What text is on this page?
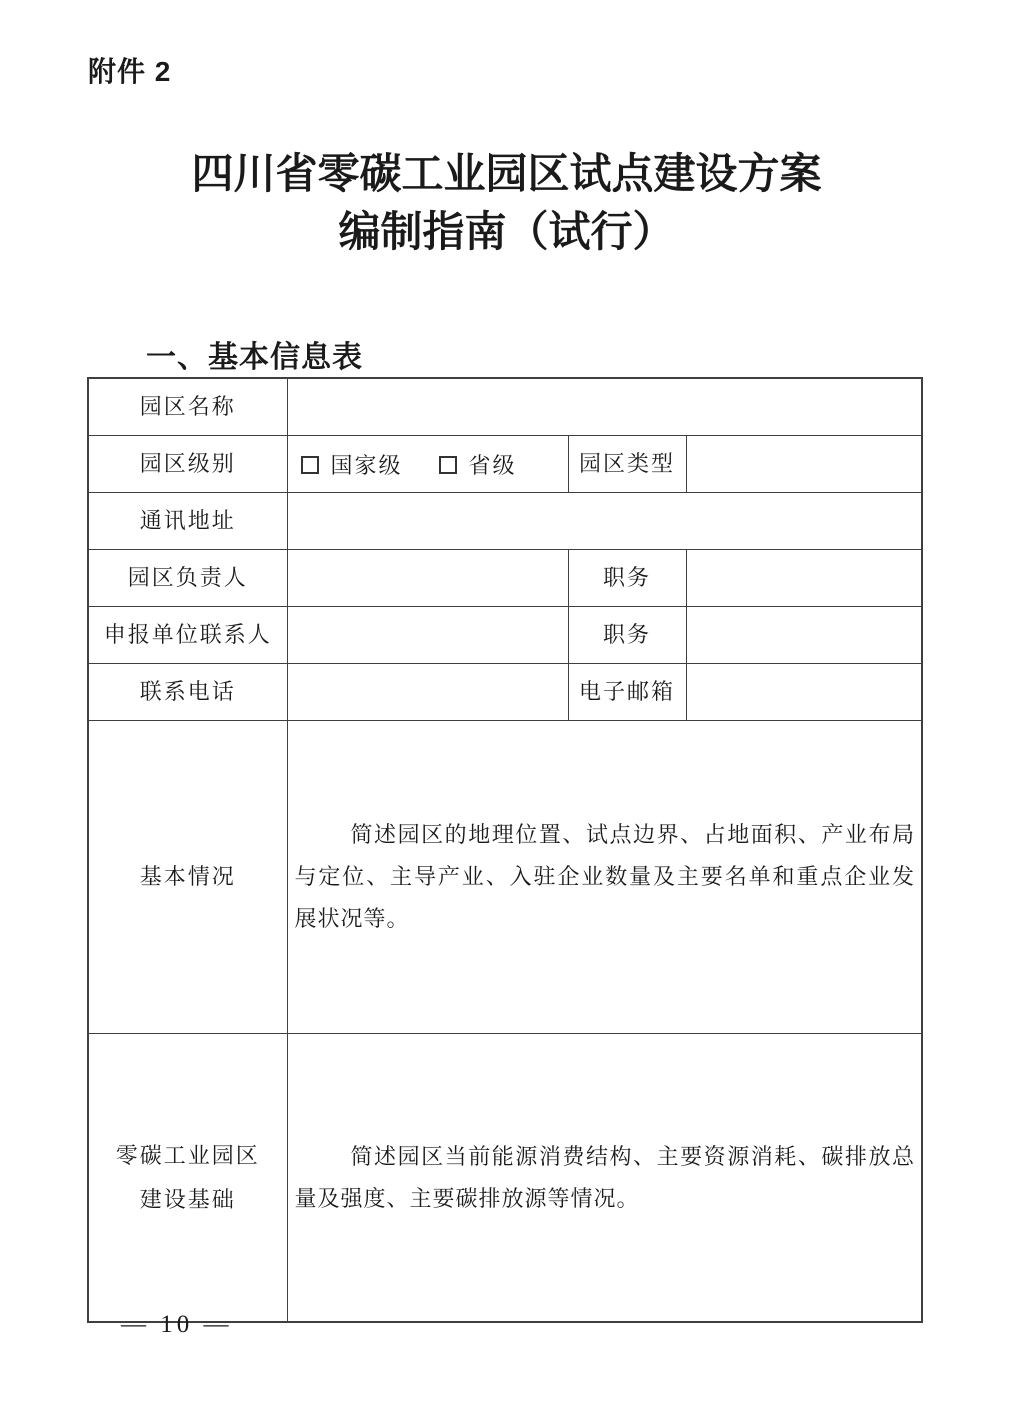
附件 2
四川省零碳工业园区试点建设方案
编制指南（试行）
一、基本信息表
园区名称			
园区级别	国家级 省级	园区类型	
通讯地址			
园区负责人		职务	
申报单位联系人		职务	
联系电话		电子邮箱	
基本情况	简述园区的地理位置、试点边界、占地面积、产业布局与定位、主导产业、入驻企业数量及主要名单和重点企业发展状况等。		

零碳工业园区
建设基础	简述园区当前能源消费结构、主要资源消耗、碳排放总量及强度、主要碳排放源等情况。		

— 10 —
